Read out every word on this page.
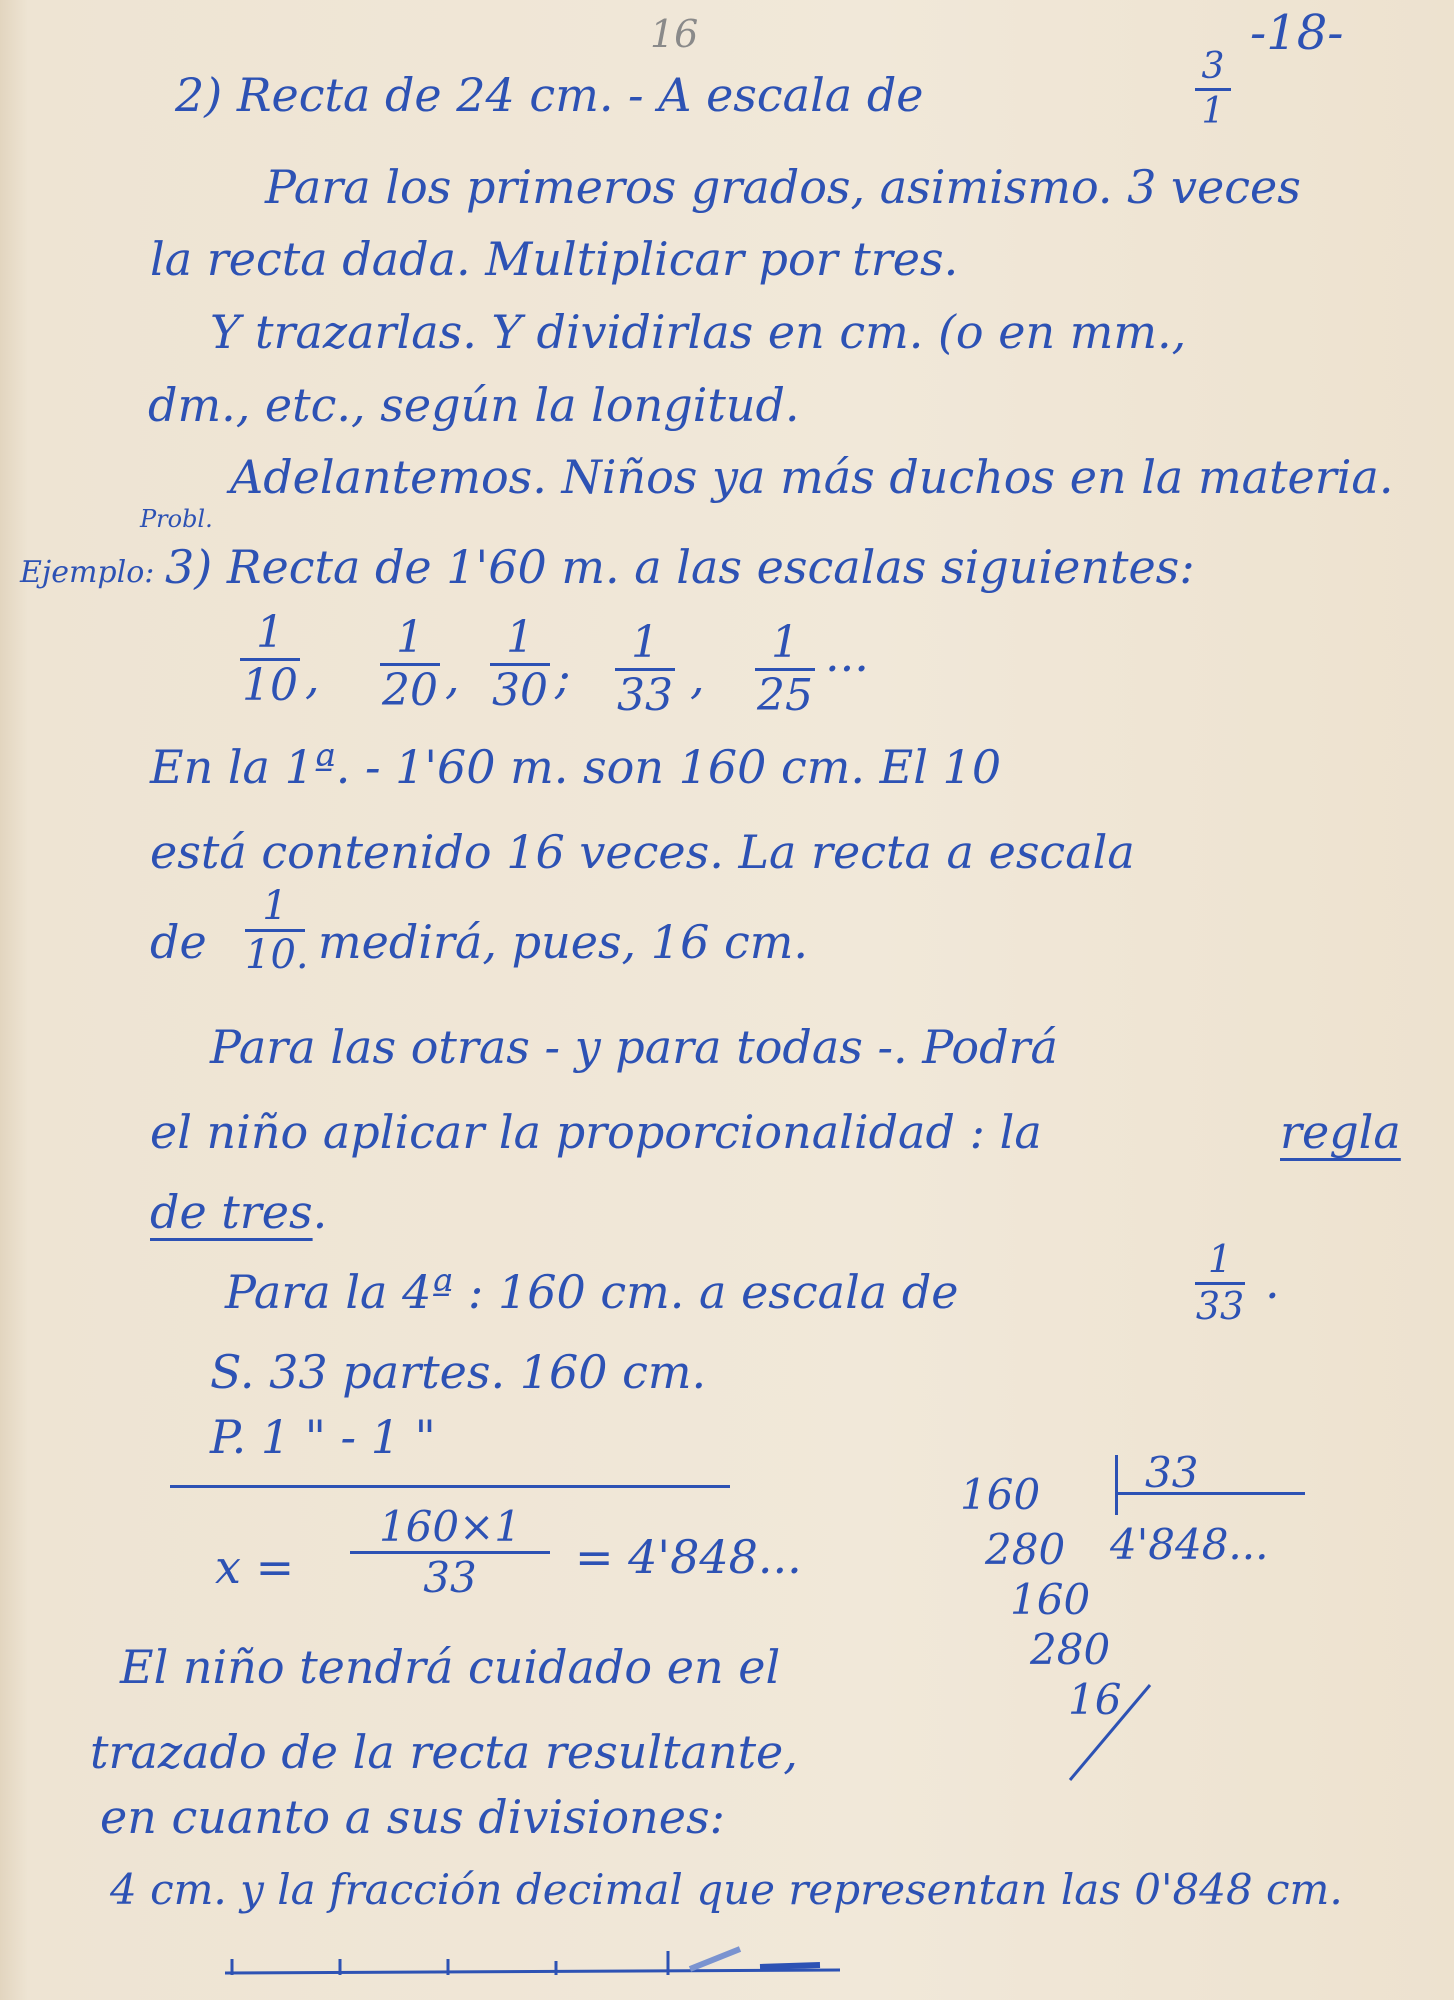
16	-18-
2) Recta de 24 cm. - A escala de
3
1
Para los primeros grados, asimismo. 3 veces
la recta dada. Multiplicar por tres.
Y trazarlas. Y dividirlas en cm. (o en mm.,
dm., etc., según la longitud.
Adelantemos. Niños ya más duchos en la materia.
Probl.
Ejemplo: 3) Recta de 1'60 m. a las escalas siguientes:
1
10 ,
1
20 ,
1
30 ;
1
33 ,
1
25
...
En la 1ª. - 1'60 m. son 160 cm. El 10
está contenido 16 veces. La recta a escala
de
1
10. medirá, pues, 16 cm.
Para las otras - y para todas -. Podrá
el niño aplicar la proporcionalidad : la	regla
de tres.
Para la 4ª : 160 cm. a escala de
1
33 .
S. 33 partes. 160 cm.
P. 1 " - 1 "
x =
160×1
33	= 4'848...
160 33
4'848...
280
160
280
16
El niño tendrá cuidado en el
trazado de la recta resultante,
en cuanto a sus divisiones:
4 cm. y la fracción decimal que representan las 0'848 cm.
